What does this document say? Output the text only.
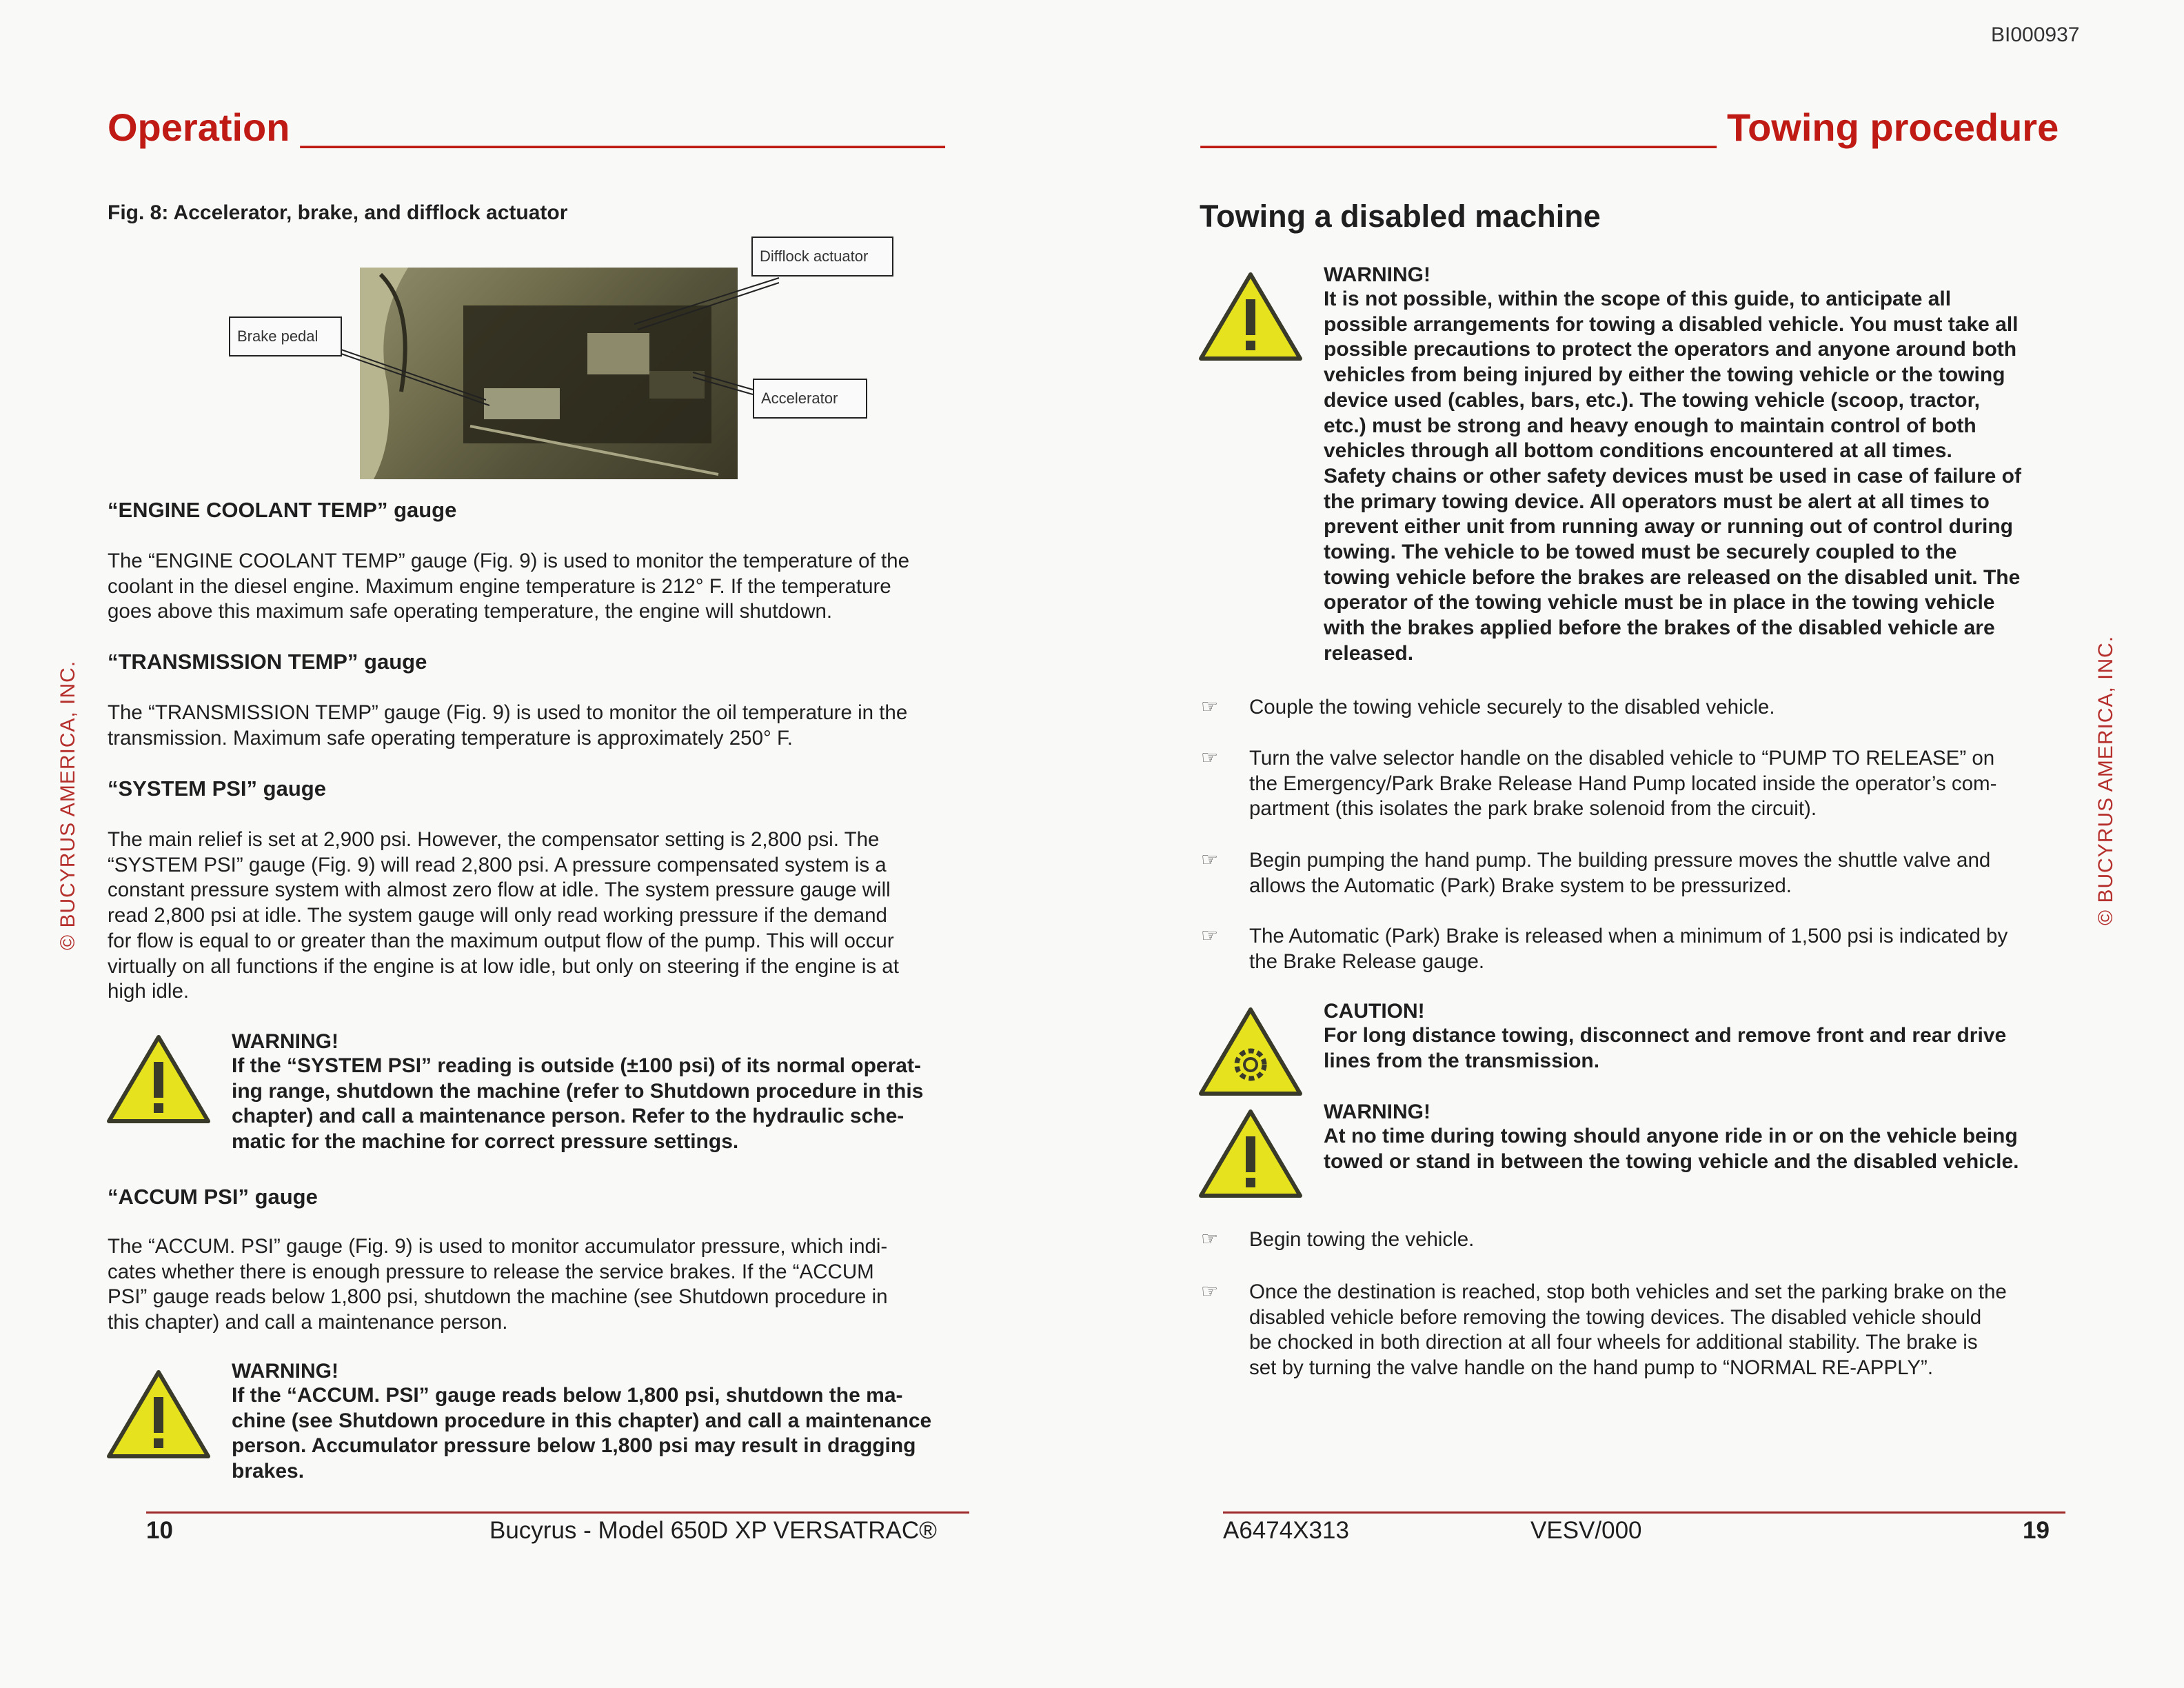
BI000937
Operation ______________________________
Fig. 8: Accelerator, brake, and difflock actuator
Brake pedal
Difflock actuator
Accelerator
“ENGINE COOLANT TEMP” gauge

The “ENGINE COOLANT TEMP” gauge (Fig. 9) is used to monitor the temperature of the

coolant in the diesel engine. Maximum engine temperature is 212° F. If the temperature

goes above this maximum safe operating temperature, the engine will shutdown.

“TRANSMISSION TEMP” gauge

The “TRANSMISSION TEMP” gauge (Fig. 9) is used to monitor the oil temperature in the

transmission. Maximum safe operating temperature is approximately 250° F.

“SYSTEM PSI” gauge

The main relief is set at 2,900 psi. However, the compensator setting is 2,800 psi. The

“SYSTEM PSI” gauge (Fig. 9) will read 2,800 psi. A pressure compensated system is a

constant pressure system with almost zero flow at idle. The system pressure gauge will

read 2,800 psi at idle. The system gauge will only read working pressure if the demand

for flow is equal to or greater than the maximum output flow of the pump. This will occur

virtually on all functions if the engine is at low idle, but only on steering if the engine is at

high idle.

WARNING!

If the “SYSTEM PSI” reading is outside (±100 psi) of its normal operat-

ing range, shutdown the machine (refer to Shutdown procedure in this

chapter) and call a maintenance person. Refer to the hydraulic sche-

matic for the machine for correct pressure settings.

“ACCUM PSI” gauge

The “ACCUM. PSI” gauge (Fig. 9) is used to monitor accumulator pressure, which indi-

cates whether there is enough pressure to release the service brakes. If the “ACCUM

PSI” gauge reads below 1,800 psi, shutdown the machine (see Shutdown procedure in

this chapter) and call a maintenance person.

WARNING!

If the “ACCUM. PSI” gauge reads below 1,800 psi, shutdown the ma-

chine (see Shutdown procedure in this chapter) and call a maintenance

person. Accumulator pressure below 1,800 psi may result in dragging

brakes.

© BUCYRUS AMERICA, INC.
10	Bucyrus - Model 650D XP VERSATRAC®
________________________ Towing procedure
Towing a disabled machine

WARNING!

It is not possible, within the scope of this guide, to anticipate all

possible arrangements for towing a disabled vehicle. You must take all

possible precautions to protect the operators and anyone around both

vehicles from being injured by either the towing vehicle or the towing

device used (cables, bars, etc.). The towing vehicle (scoop, tractor,

etc.) must be strong and heavy enough to maintain control of both

vehicles through all bottom conditions encountered at all times.

Safety chains or other safety devices must be used in case of failure of

the primary towing device. All operators must be alert at all times to

prevent either unit from running away or running out of control during

towing. The vehicle to be towed must be securely coupled to the

towing vehicle before the brakes are released on the disabled unit. The

operator of the towing vehicle must be in place in the towing vehicle

with the brakes applied before the brakes of the disabled vehicle are

released.

☞ Couple the towing vehicle securely to the disabled vehicle.

☞ Turn the valve selector handle on the disabled vehicle to “PUMP TO RELEASE” on

the Emergency/Park Brake Release Hand Pump located inside the operator’s com-

partment (this isolates the park brake solenoid from the circuit).

☞ Begin pumping the hand pump. The building pressure moves the shuttle valve and

allows the Automatic (Park) Brake system to be pressurized.

☞ The Automatic (Park) Brake is released when a minimum of 1,500 psi is indicated by

the Brake Release gauge.

CAUTION!

For long distance towing, disconnect and remove front and rear drive

lines from the transmission.

WARNING!

At no time during towing should anyone ride in or on the vehicle being

towed or stand in between the towing vehicle and the disabled vehicle.

☞ Begin towing the vehicle.

☞ Once the destination is reached, stop both vehicles and set the parking brake on the

disabled vehicle before removing the towing devices. The disabled vehicle should

be chocked in both direction at all four wheels for additional stability. The brake is

set by turning the valve handle on the hand pump to “NORMAL RE-APPLY”.

© BUCYRUS AMERICA, INC.
A6474X313	VESV/000	19
